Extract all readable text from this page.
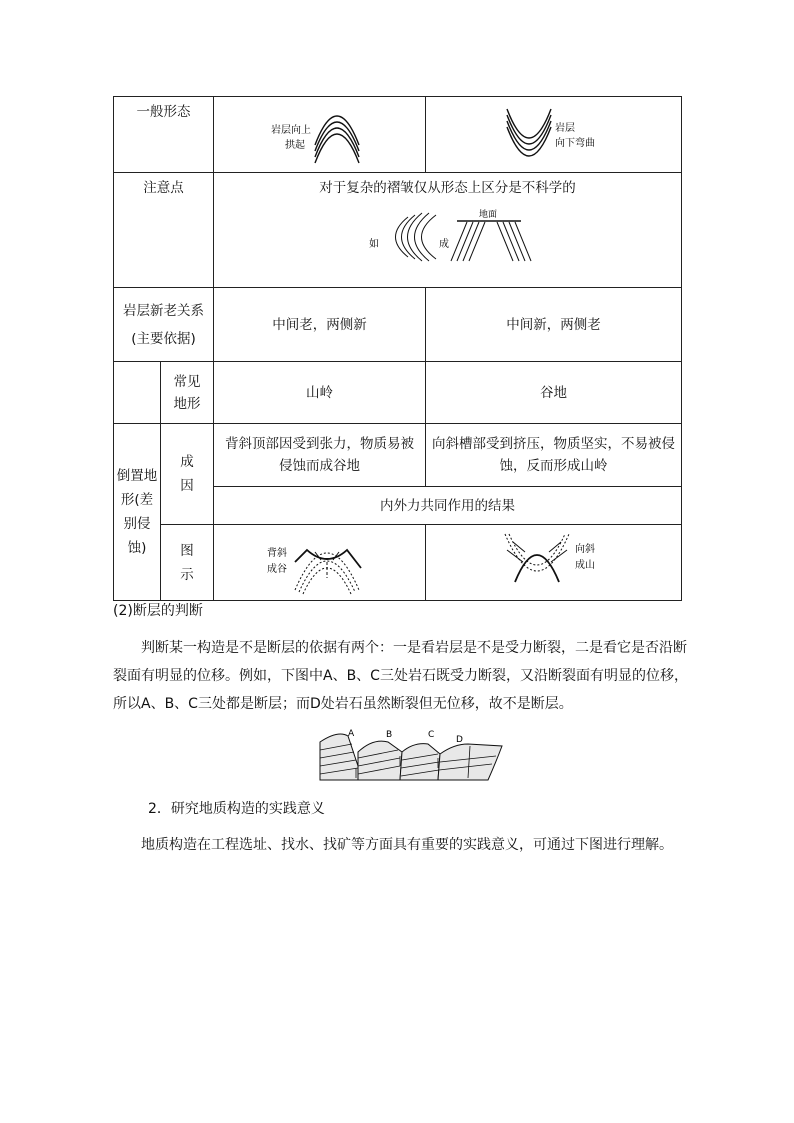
一般形态		岩层向上
拱起	岩层
向下弯曲

注意点		对于复杂的褶皱仅从形态上区分是不科学的
如 成
地面	

岩层新老关系
(主要依据)		中间老，两侧新	中间新，两侧老
	常见地形	山岭	谷地
倒置地形(差别侵蚀)	成因	背斜顶部因受到张力，物质易被侵蚀而成谷地	向斜槽部受到挤压，物质坚实，不易被侵蚀，反而形成山岭
		内外力共同作用的结果	
	图示	背斜
成谷	向斜
成山
(2)断层的判断
判断某一构造是不是断层的依据有两个：一是看岩层是不是受力断裂，二是看它是否沿断裂面有明显的位移。例如，下图中A、B、C三处岩石既受力断裂，又沿断裂面有明显的位移，所以A、B、C三处都是断层；而D处岩石虽然断裂但无位移，故不是断层。
A	B	C D
2．研究地质构造的实践意义
地质构造在工程选址、找水、找矿等方面具有重要的实践意义，可通过下图进行理解。
